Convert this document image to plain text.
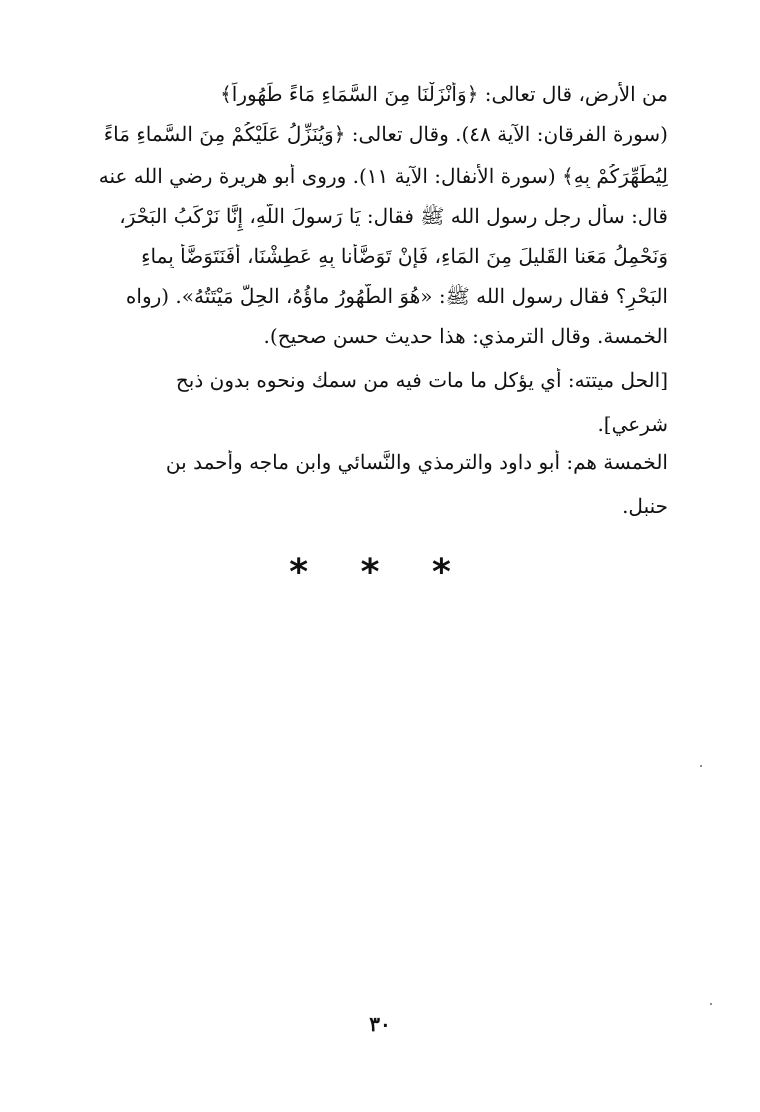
من الأرض، قال تعالى: ﴿وَأَنْزَلْنَا مِنَ السَّمَاءِ مَاءً طَهُوراً﴾
(سورة الفرقان: الآية ٤٨). وقال تعالى: ﴿وَيُنَزِّلُ عَلَيْكُمْ مِنَ السَّماءِ مَاءً
لِيُطَهِّرَكُمْ بِهِ﴾ (سورة الأنفال: الآية ١١). وروى أبو هريرة رضي الله عنه
قال: سأل رجل رسول الله ﷺ فقال: يَا رَسولَ اللَّهِ، إِنَّا نَرْكَبُ البَحْرَ،
وَنَحْمِلُ مَعَنا القَليلَ مِنَ المَاءِ، فَإِنْ تَوَضَّأْنا بِهِ عَطِشْنَا، أَفَنَتَوَضَّأُ بِماءِ
البَحْرِ؟ فقال رسول الله ﷺ: «هُوَ الطَّهُورُ ماؤُهُ، الحِلُّ مَيْتَتُهُ». (رواه
الخمسة. وقال الترمذي: هذا حديث حسن صحيح).
[الحل ميتته: أي يؤكل ما مات فيه من سمك ونحوه بدون ذبح
شرعي].
الخمسة هم: أبو داود والترمذي والنَّسائي وابن ماجه وأحمد بن
حنبل.
* * *
٣٠
